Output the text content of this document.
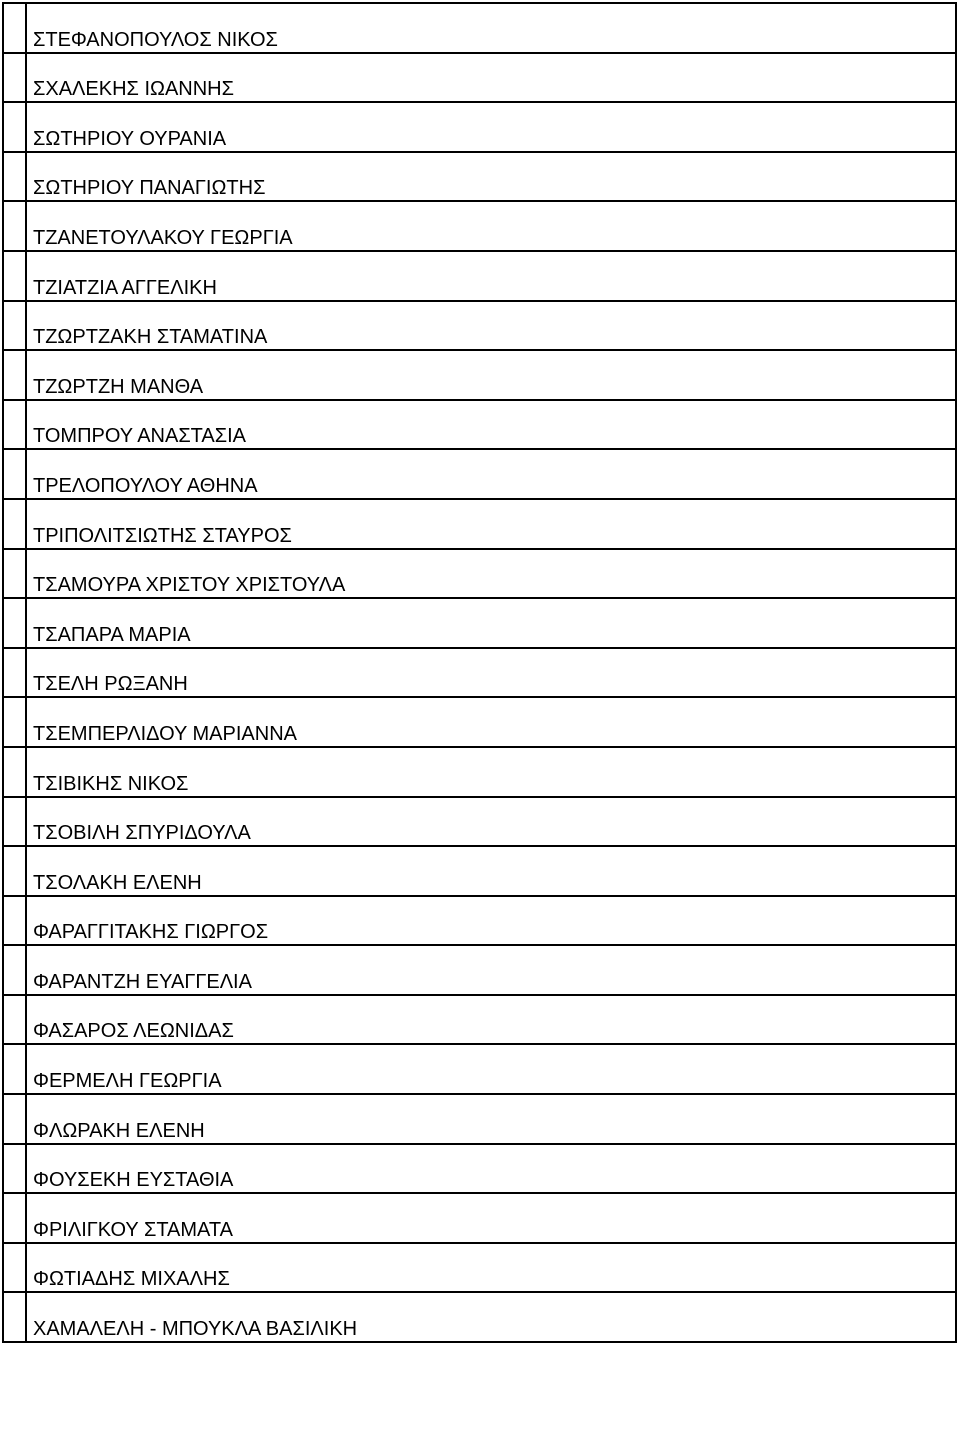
	ΣΤΕΦΑΝΟΠΟΥΛΟΣ ΝΙΚΟΣ
	ΣΧΑΛΕΚΗΣ ΙΩΑΝΝΗΣ
	ΣΩΤΗΡΙΟΥ ΟΥΡΑΝΙΑ
	ΣΩΤΗΡΙΟΥ ΠΑΝΑΓΙΩΤΗΣ
	ΤΖΑΝΕΤΟΥΛΑΚΟΥ ΓΕΩΡΓΙΑ
	ΤΖΙΑΤΖΙΑ ΑΓΓΕΛΙΚΗ
	ΤΖΩΡΤΖΑΚΗ ΣΤΑΜΑΤΙΝΑ
	ΤΖΩΡΤΖΗ ΜΑΝΘΑ
	ΤΟΜΠΡΟΥ ΑΝΑΣΤΑΣΙΑ
	ΤΡΕΛΟΠΟΥΛΟΥ ΑΘΗΝΑ
	ΤΡΙΠΟΛΙΤΣΙΩΤΗΣ ΣΤΑΥΡΟΣ
	ΤΣΑΜΟΥΡΑ ΧΡΙΣΤΟΥ ΧΡΙΣΤΟΥΛΑ
	ΤΣΑΠΑΡΑ ΜΑΡΙΑ
	ΤΣΕΛΗ ΡΩΞΑΝΗ
	ΤΣΕΜΠΕΡΛΙΔΟΥ ΜΑΡΙΑΝΝΑ
	ΤΣΙΒΙΚΗΣ ΝΙΚΟΣ
	ΤΣΟΒΙΛΗ ΣΠΥΡΙΔΟΥΛΑ
	ΤΣΟΛΑΚΗ ΕΛΕΝΗ
	ΦΑΡΑΓΓΙΤΑΚΗΣ ΓΙΩΡΓΟΣ
	ΦΑΡΑΝΤΖΗ ΕΥΑΓΓΕΛΙΑ
	ΦΑΣΑΡΟΣ ΛΕΩΝΙΔΑΣ
	ΦΕΡΜΕΛΗ ΓΕΩΡΓΙΑ
	ΦΛΩΡΑΚΗ ΕΛΕΝΗ
	ΦΟΥΣΕΚΗ ΕΥΣΤΑΘΙΑ
	ΦΡΙΛΙΓΚΟΥ ΣΤΑΜΑΤΑ
	ΦΩΤΙΑΔΗΣ ΜΙΧΑΛΗΣ
	ΧΑΜΑΛΕΛΗ - ΜΠΟΥΚΛΑ ΒΑΣΙΛΙΚΗ
